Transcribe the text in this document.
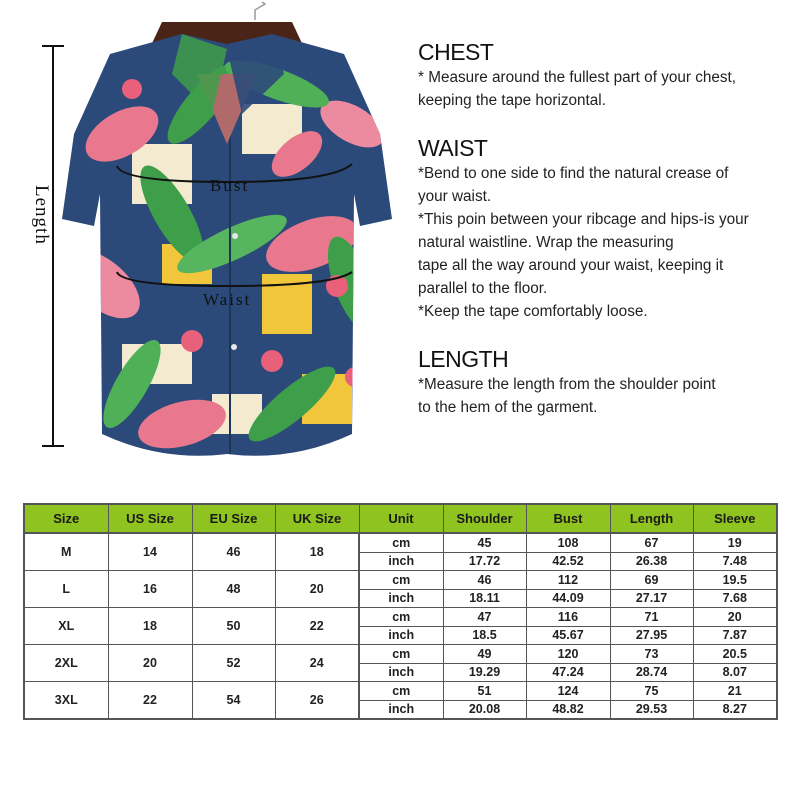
Length	Bust
Waist
CHEST

* Measure around the fullest part of your chest,

keeping the tape horizontal.

WAIST

*Bend to one side to find the natural crease of

your waist.

*This poin between your ribcage and hips-is your

natural waistline. Wrap the measuring

tape all the way around your waist, keeping it

parallel to the floor.

*Keep the tape comfortably loose.

LENGTH

*Measure the length from the shoulder point

to the hem of the garment.

Size	US Size	EU Size	UK Size	Unit	Shoulder	Bust	Length	Sleeve
M	14	46	18	cm	45	108	67	19
				inch	17.72	42.52	26.38	7.48
L	16	48	20	cm	46	112	69	19.5
				inch	18.11	44.09	27.17	7.68
XL	18	50	22	cm	47	116	71	20
				inch	18.5	45.67	27.95	7.87
2XL	20	52	24	cm	49	120	73	20.5
				inch	19.29	47.24	28.74	8.07
3XL	22	54	26	cm	51	124	75	21
				inch	20.08	48.82	29.53	8.27
